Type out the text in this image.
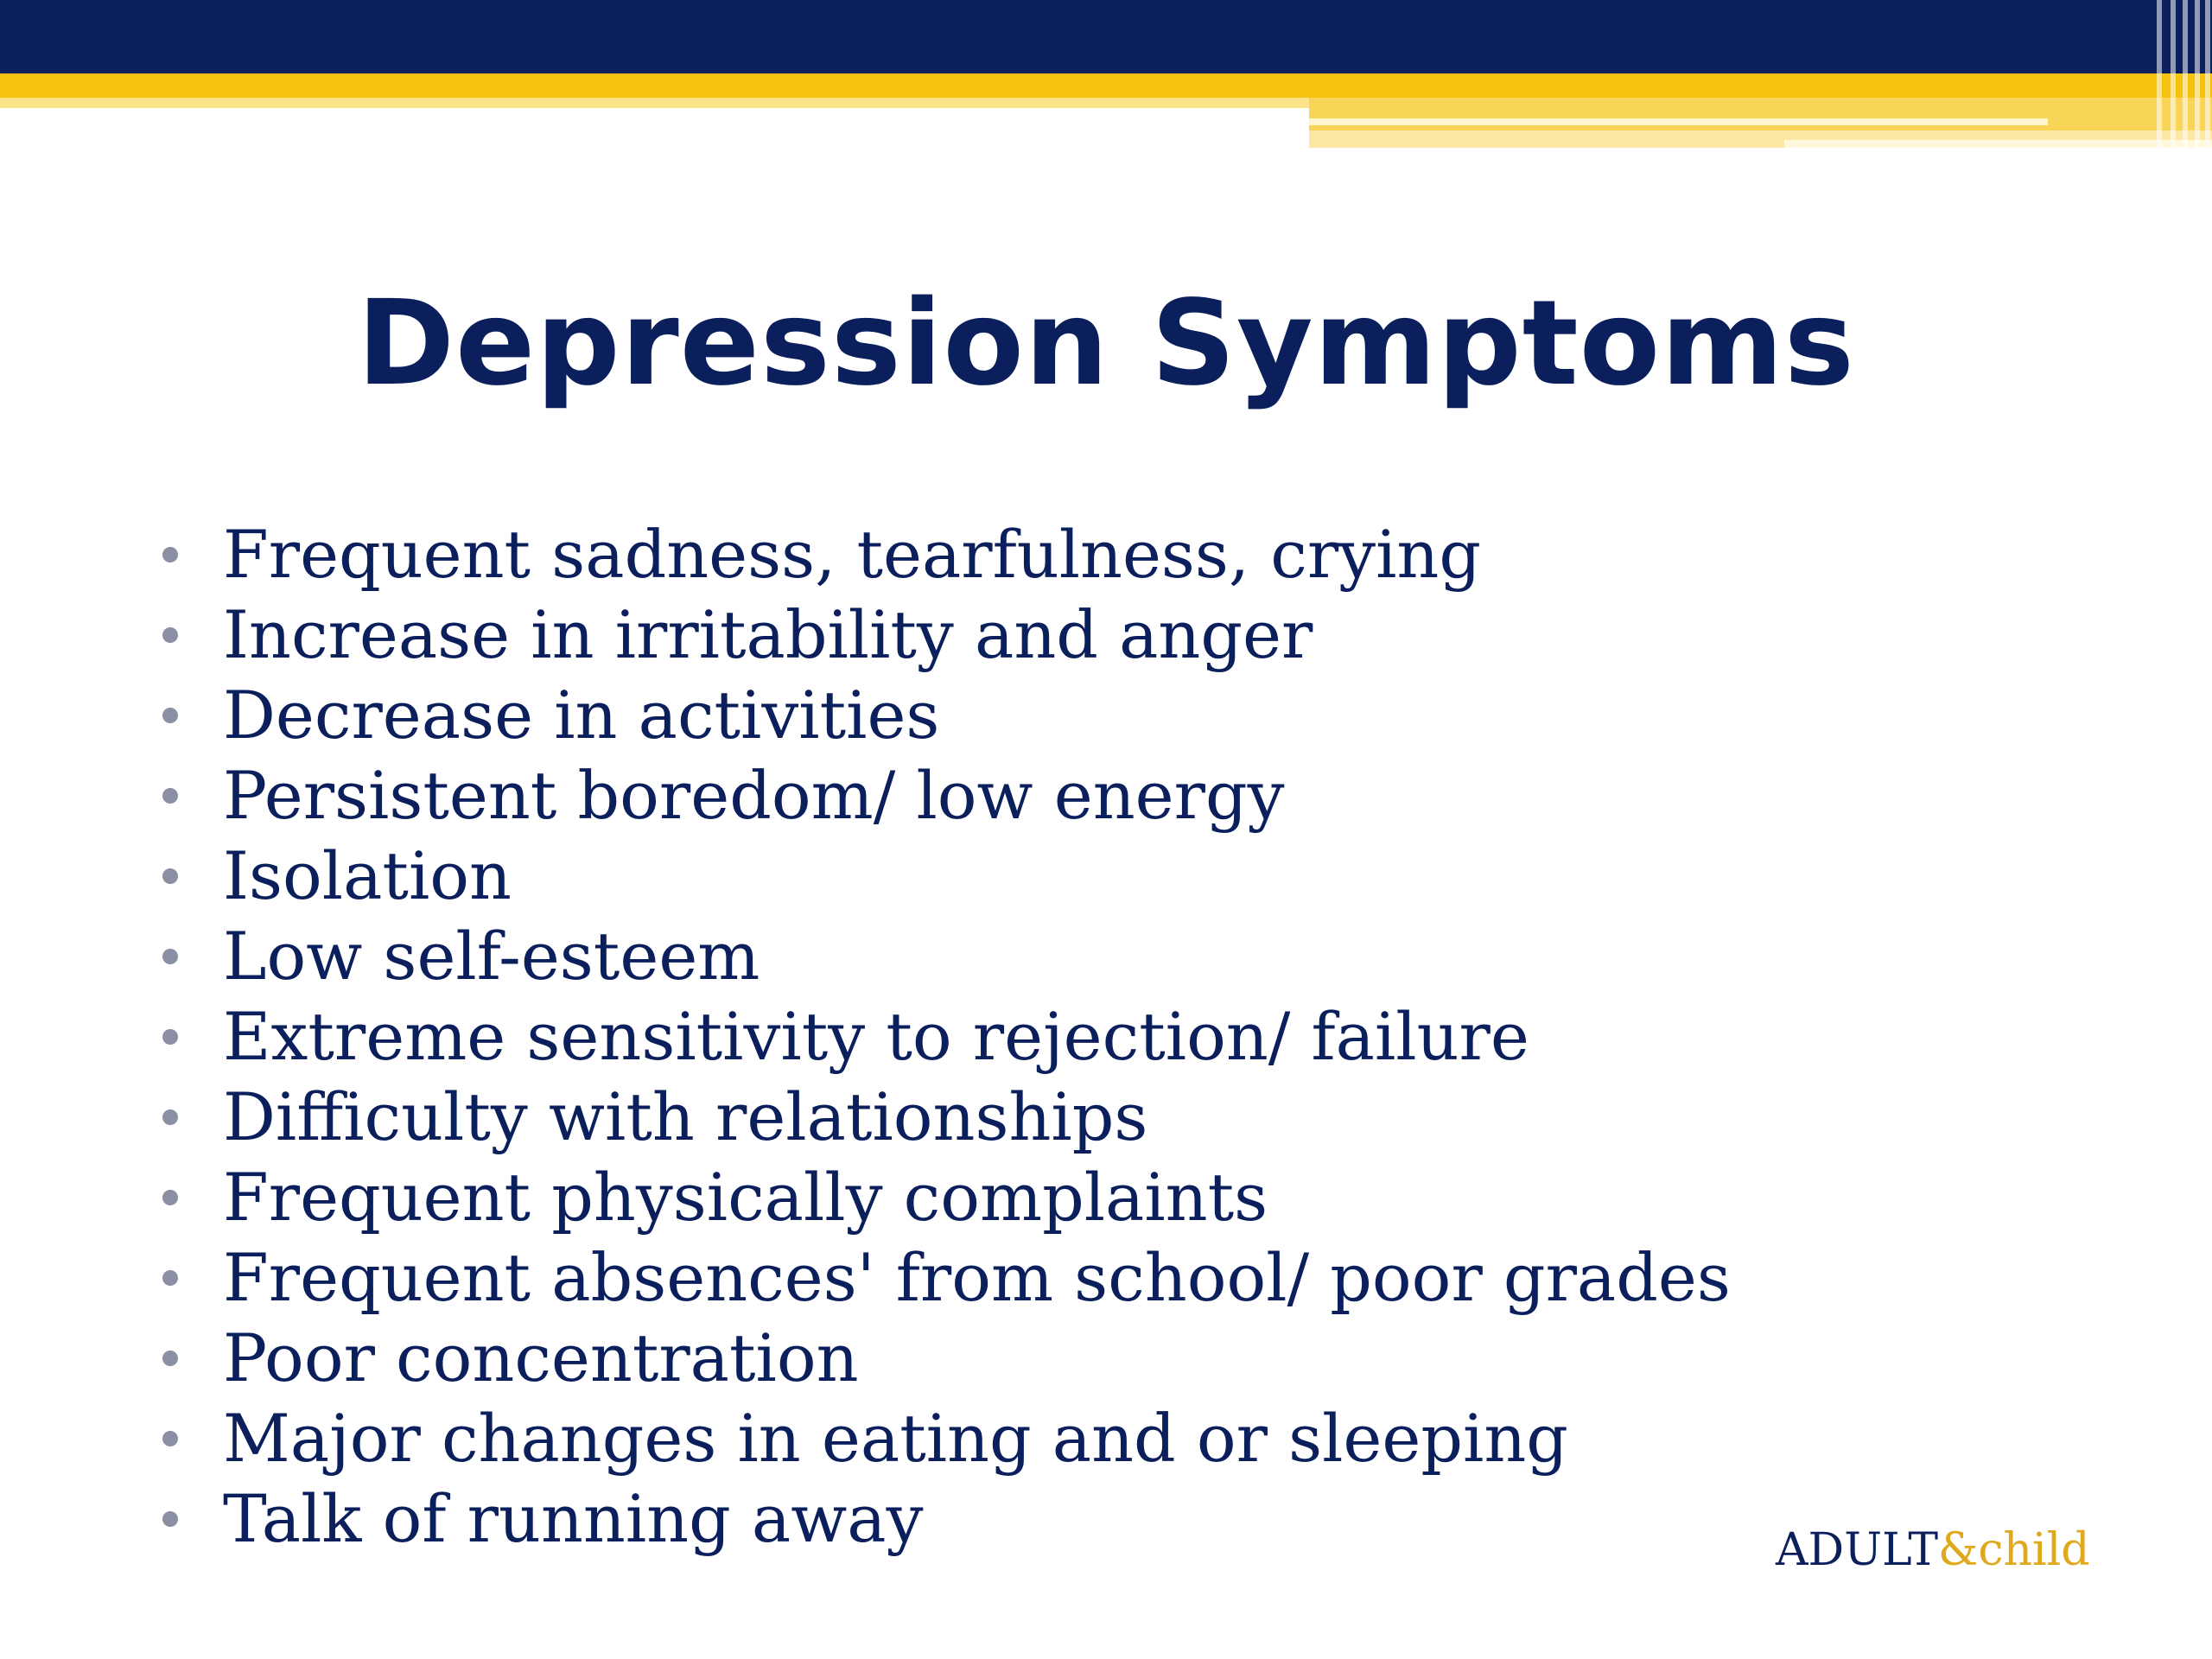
Depression Symptoms
Frequent sadness, tearfulness, crying
Increase in irritability and anger
Decrease in activities
Persistent boredom/ low energy
Isolation
Low self-esteem
Extreme sensitivity to rejection/ failure
Difficulty with relationships
Frequent physically complaints
Frequent absences' from school/ poor grades
Poor concentration
Major changes in eating and or sleeping
Talk of running away	ADULT&child
